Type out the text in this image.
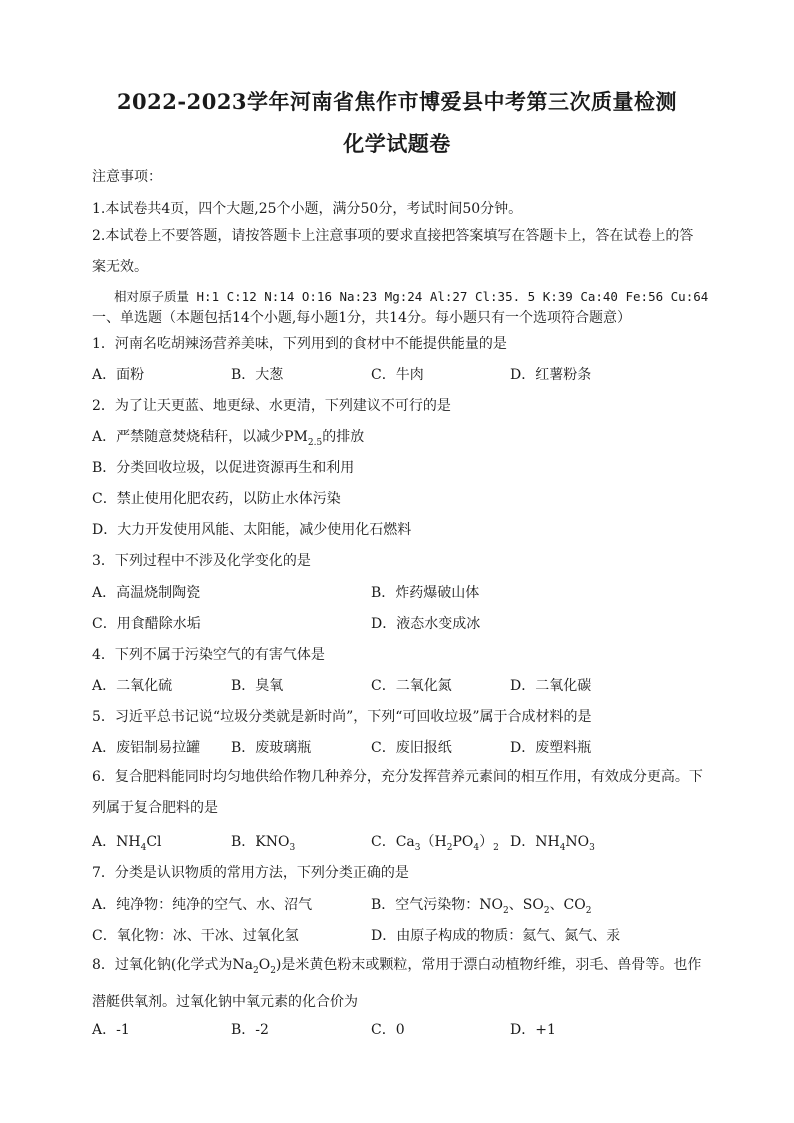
2022-2023学年河南省焦作市博爱县中考第三次质量检测
化学试题卷
注意事项：
1.本试卷共4页，四个大题,25个小题，满分50分，考试时间50分钟。
2.本试卷上不要答题，请按答题卡上注意事项的要求直接把答案填写在答题卡上，答在试卷上的答案无效。
相对原子质量 H:1 C:12 N:14 O:16 Na:23 Mg:24 Al:27 Cl:35. 5 K:39 Ca:40 Fe:56 Cu:64
一、单选题（本题包括14个小题,每小题1分，共14分。每小题只有一个选项符合题意）
1．河南名吃胡辣汤营养美味，下列用到的食材中不能提供能量的是
A．面粉	B．大葱	C．牛肉	D．红薯粉条
2．为了让天更蓝、地更绿、水更清，下列建议不可行的是
A．严禁随意焚烧秸秆，以减少$PM_{2.5}$的排放
B．分类回收垃圾，以促进资源再生和利用
C．禁止使用化肥农药，以防止水体污染
D．大力开发使用风能、太阳能，减少使用化石燃料
3．下列过程中不涉及化学变化的是
A．高温烧制陶瓷	B．炸药爆破山体
C．用食醋除水垢	D．液态水变成冰
4．下列不属于污染空气的有害气体是
A．二氧化硫	B．臭氧	C．二氧化氮	D．二氧化碳
5．习近平总书记说“垃圾分类就是新时尚”，下列“可回收垃圾”属于合成材料的是
A．废铝制易拉罐 B．废玻璃瓶	C．废旧报纸	D．废塑料瓶
6．复合肥料能同时均匀地供给作物几种养分，充分发挥营养元素间的相互作用，有效成分更高。下列属于复合肥料的是
A．$NH_4Cl$	B．$KNO_3$	C．$Ca_3(H_2PO_4)_2$ D．$NH_4NO_3$
7．分类是认识物质的常用方法，下列分类正确的是
A．纯净物：纯净的空气、水、沼气	B．空气污染物：$NO_2$、$SO_2$、$CO_2$
C．氧化物：冰、干冰、过氧化氢	D．由原子构成的物质：氦气、氮气、汞
8．过氧化钠(化学式为$Na_2O_2$)是米黄色粉末或颗粒，常用于漂白动植物纤维，羽毛、兽骨等。也作潜艇供氧剂。过氧化钠中氧元素的化合价为
A．-1	B．-2	C．0	D．+1
